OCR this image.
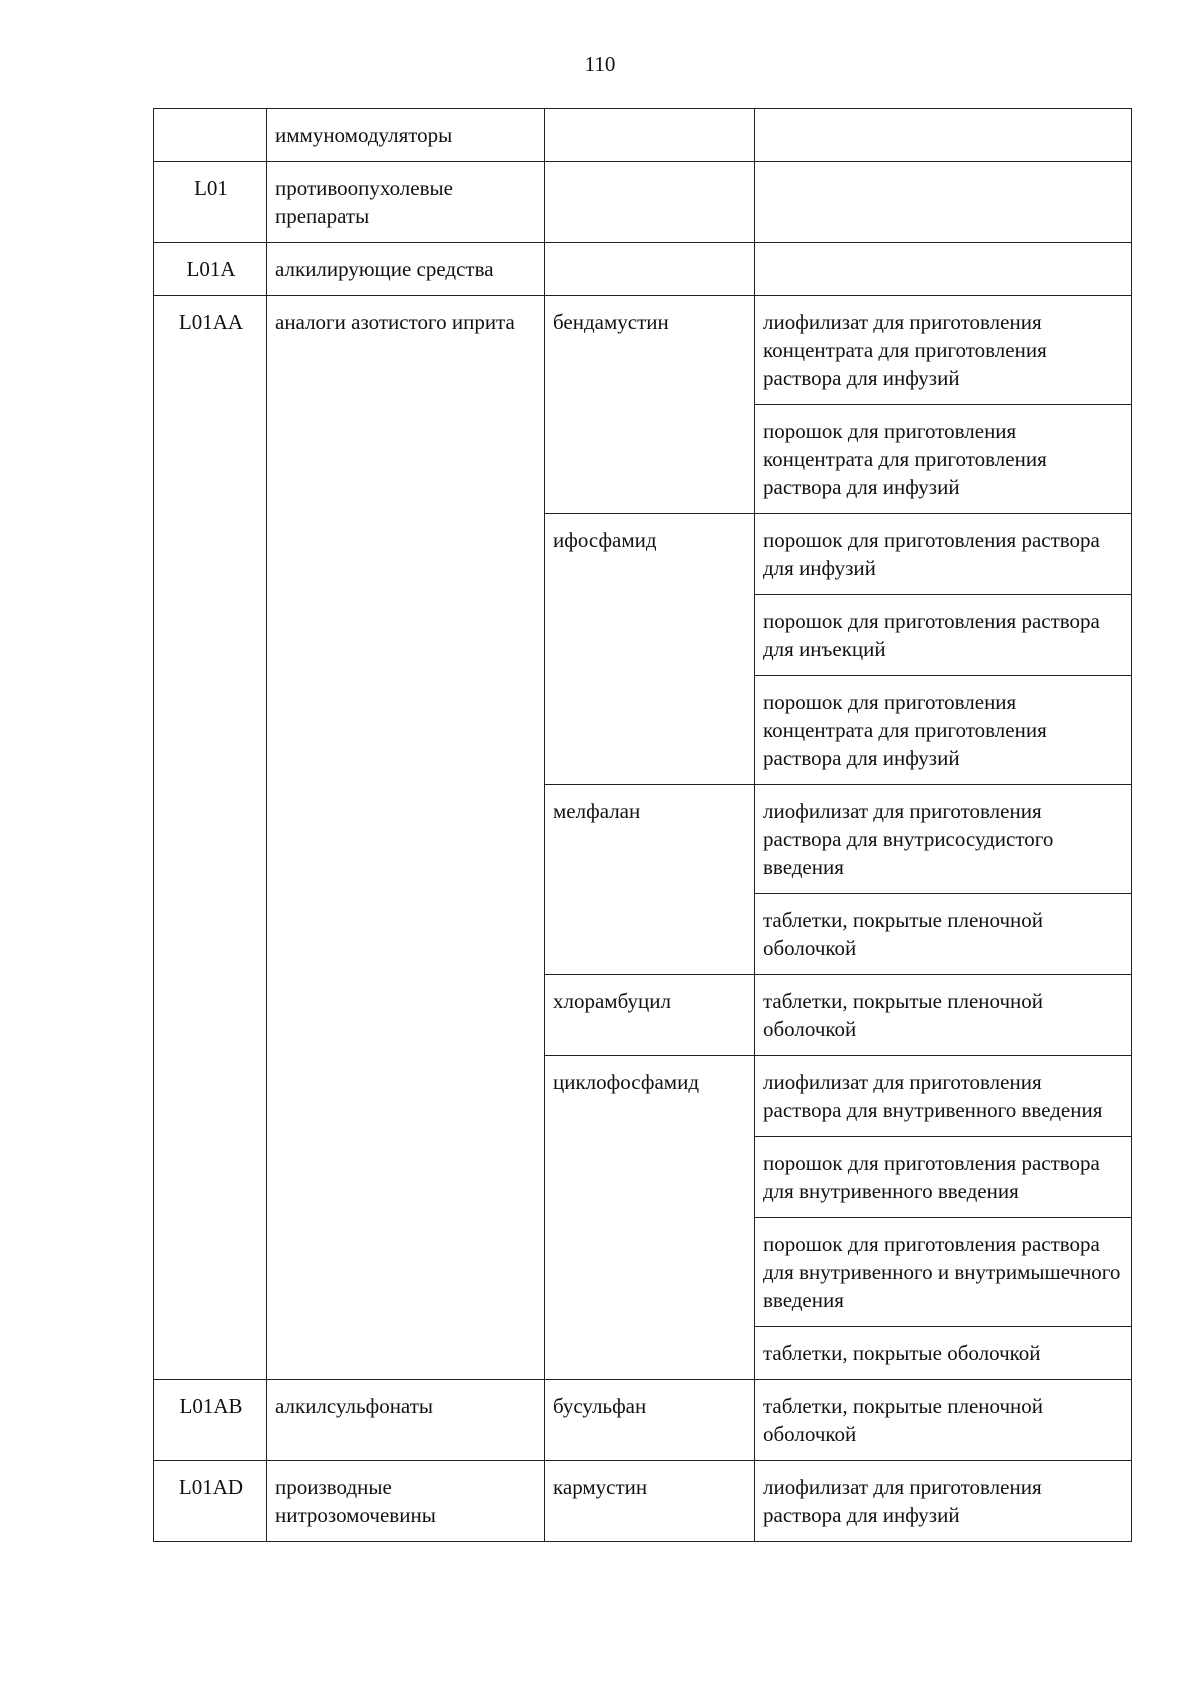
110
	иммуномодуляторы		
L01	противоопухолевые препараты		
L01A	алкилирующие средства		
L01AA	аналоги азотистого иприта	бендамустин	лиофилизат для приготовления концентрата для приготовления раствора для инфузий
			порошок для приготовления концентрата для приготовления раствора для инфузий
		ифосфамид	порошок для приготовления раствора для инфузий
			порошок для приготовления раствора для инъекций
			порошок для приготовления концентрата для приготовления раствора для инфузий
		мелфалан	лиофилизат для приготовления раствора для внутрисосудистого введения
			таблетки, покрытые пленочной оболочкой
		хлорамбуцил	таблетки, покрытые пленочной оболочкой
		циклофосфамид	лиофилизат для приготовления раствора для внутривенного введения
			порошок для приготовления раствора для внутривенного введения
			порошок для приготовления раствора для внутривенного и внутримышечного введения
			таблетки, покрытые оболочкой
L01AB	алкилсульфонаты	бусульфан	таблетки, покрытые пленочной оболочкой
L01AD	производные нитрозомочевины	кармустин	лиофилизат для приготовления раствора для инфузий
